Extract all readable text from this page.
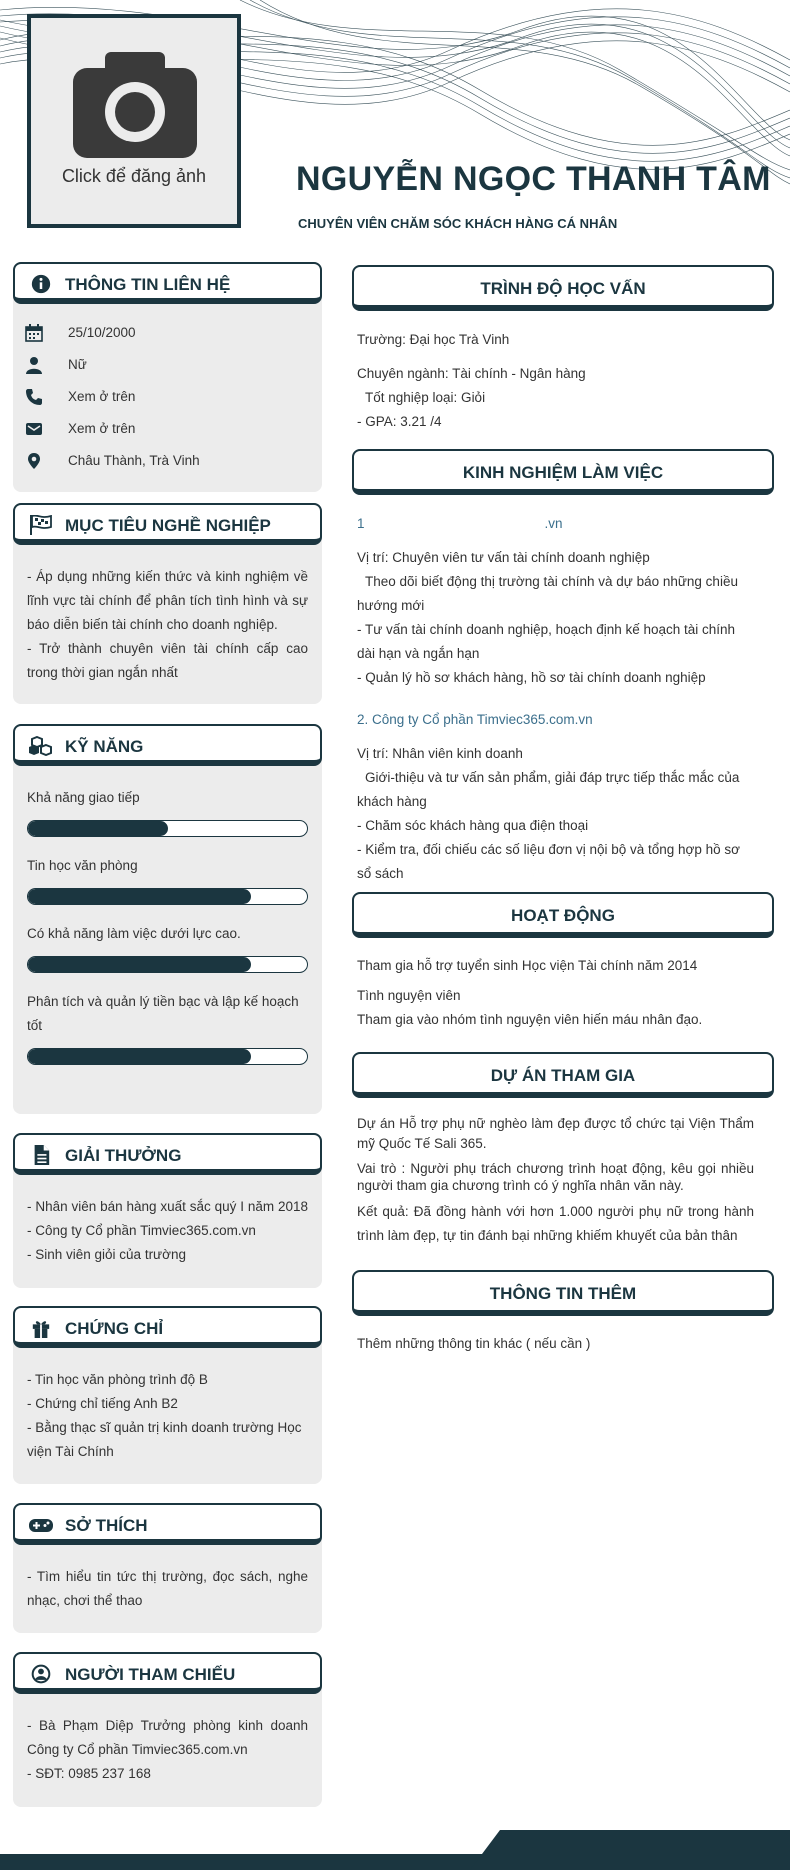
Click để đăng ảnh	NGUYỄN NGỌC THANH TÂM
CHUYÊN VIÊN CHĂM SÓC KHÁCH HÀNG CÁ NHÂN
THÔNG TIN LIÊN HỆ
25/10/2000
Nữ
Xem ở trên
Xem ở trên
Châu Thành, Trà Vinh
MỤC TIÊU NGHỀ NGHIỆP

- Áp dụng những kiến thức và kinh nghiệm về lĩnh vực tài chính để phân tích tình hình và sự báo diễn biến tài chính cho doanh nghiệp.

- Trở thành chuyên viên tài chính cấp cao trong thời gian ngắn nhất

KỸ NĂNG
Khả năng giao tiếp
Tin học văn phòng
Có khả năng làm việc dưới lực cao.
Phân tích và quản lý tiền bạc và lập kế hoạch tốt
GIẢI THƯỞNG

- Nhân viên bán hàng xuất sắc quý I năm 2018 - Công ty Cổ phần Timviec365.com.vn

- Sinh viên giỏi của trường

CHỨNG CHỈ

- Tin học văn phòng trình độ B

- Chứng chỉ tiếng Anh B2

- Bằng thạc sĩ quản trị kinh doanh trường Học viện Tài Chính

SỞ THÍCH

- Tìm hiểu tin tức thị trường, đọc sách, nghe nhạc, chơi thể thao

NGƯỜI THAM CHIẾU

- Bà Phạm Diệp Trưởng phòng kinh doanh Công ty Cổ phần Timviec365.com.vn

- SĐT: 0985 237 168

TRÌNH ĐỘ HỌC VẤN

Trường: Đại học Trà Vinh

Chuyên ngành: Tài chính - Ngân hàng

Tốt nghiệp loại: Giỏi

- GPA: 3.21 /4

KINH NGHIỆM LÀM VIỆC

1                                                .vn

Vị trí: Chuyên viên tư vấn tài chính doanh nghiệp

Theo dõi biết động thị trường tài chính và dự báo những chiều hướng mới

- Tư vấn tài chính doanh nghiệp, hoạch định kế hoạch tài chính dài hạn và ngắn hạn

- Quản lý hồ sơ khách hàng, hồ sơ tài chính doanh nghiệp

2. Công ty Cổ phần Timviec365.com.vn

Vị trí: Nhân viên kinh doanh

Giới-thiệu và tư vấn sản phẩm, giải đáp trực tiếp thắc mắc của khách hàng

- Chăm sóc khách hàng qua điện thoại

- Kiểm tra, đối chiếu các số liệu đơn vị nội bộ và tổng hợp hồ sơ sổ sách

HOẠT ĐỘNG

Tham gia hỗ trợ tuyển sinh Học viện Tài chính năm 2014

Tình nguyện viên

Tham gia vào nhóm tình nguyện viên hiến máu nhân đạo.

DỰ ÁN THAM GIA

Dự án Hỗ trợ phụ nữ nghèo làm đẹp được tổ chức tại Viện Thẩm mỹ Quốc Tế Sali 365.

Vai trò : Người phụ trách chương trình hoạt động, kêu gọi nhiều người tham gia chương trình có ý nghĩa nhân văn này.

Kết quả: Đã đồng hành với hơn 1.000 người phụ nữ trong hành trình làm đẹp, tự tin đánh bại những khiếm khuyết của bản thân

THÔNG TIN THÊM

Thêm những thông tin khác ( nếu cần )
